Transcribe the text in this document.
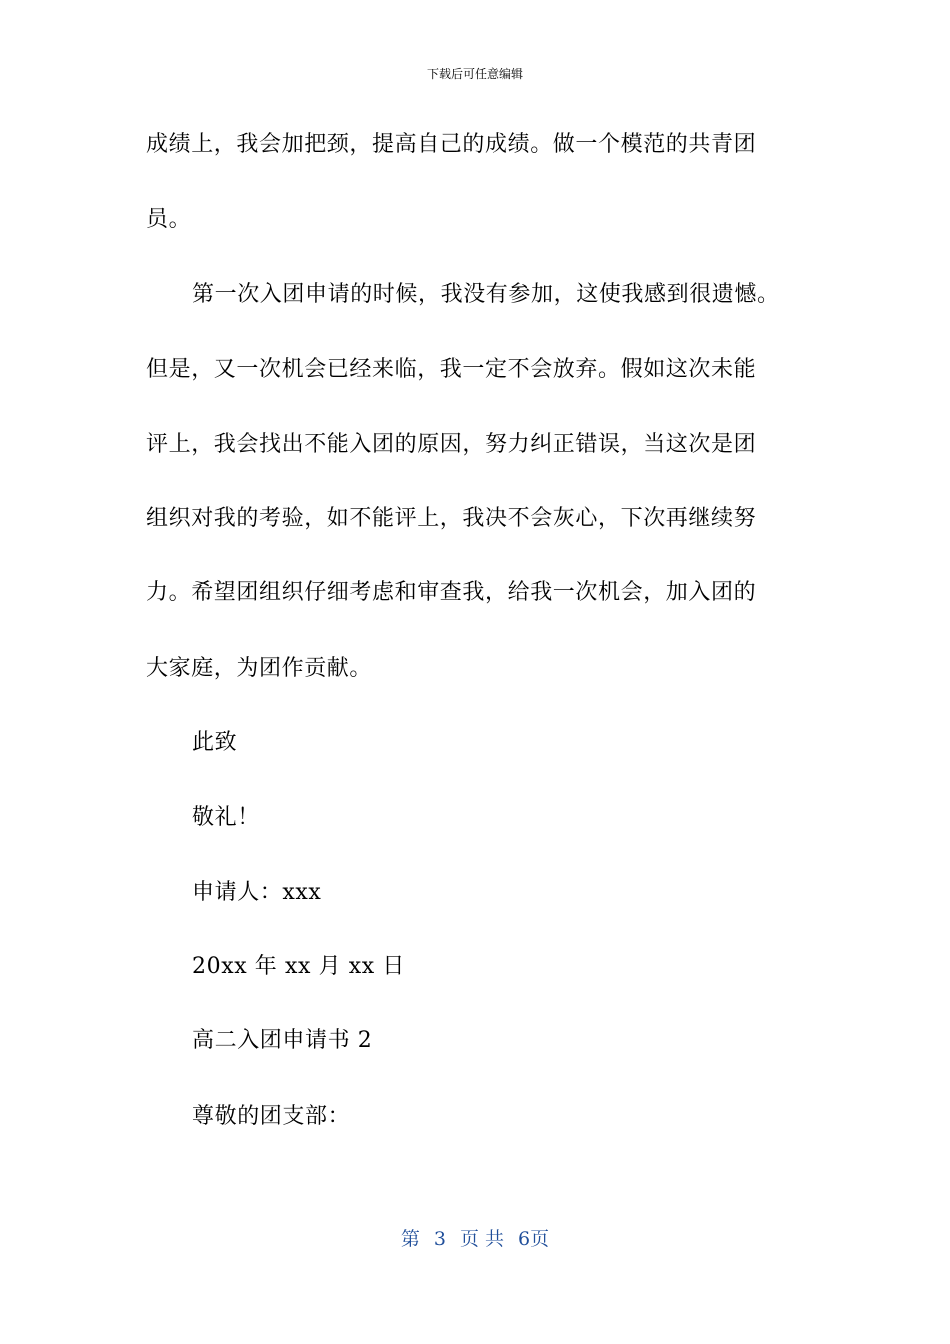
下载后可任意编辑
成绩上，我会加把颈，提高自己的成绩。做一个模范的共青团
员。
第一次入团申请的时候，我没有参加，这使我感到很遗憾。
但是，又一次机会已经来临，我一定不会放弃。假如这次未能
评上，我会找出不能入团的原因，努力纠正错误，当这次是团
组织对我的考验，如不能评上，我决不会灰心，下次再继续努
力。希望团组织仔细考虑和审查我，给我一次机会，加入团的
大家庭，为团作贡献。
此致
敬礼！
申请人：xxx
20xx 年 xx 月 xx 日
高二入团申请书 2
尊敬的团支部：
第 3 页 共 6页
